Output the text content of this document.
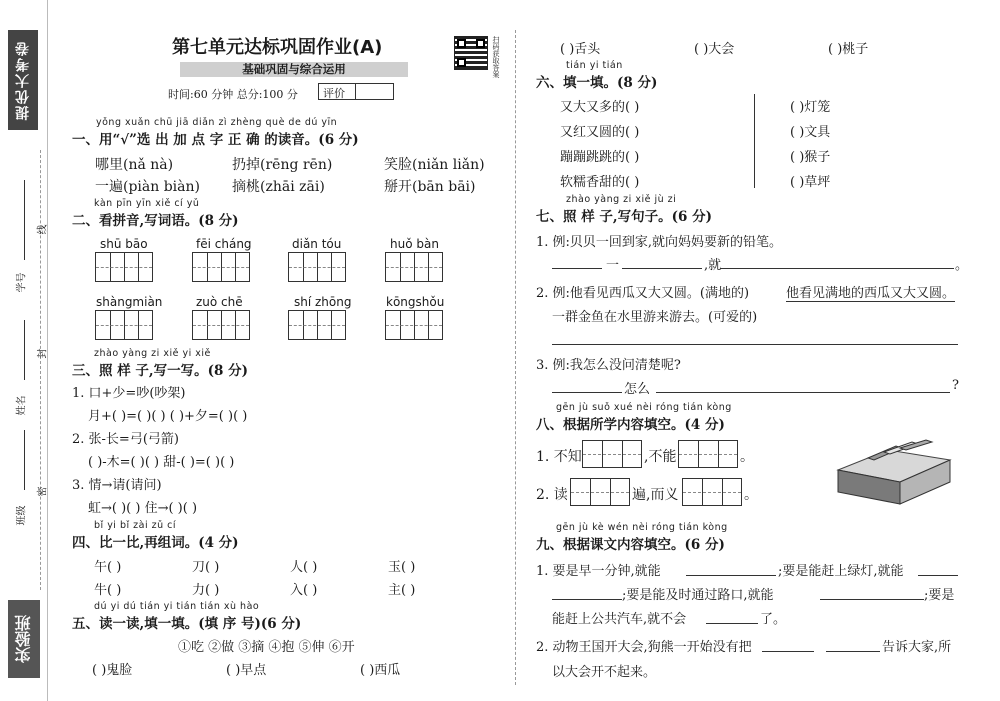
提优大考卷
实验班
线
封
密
学号
姓名
班级
第七单元达标巩固作业(A)
基础巩固与综合运用
时间:60 分钟 总分:100 分 评价
扫码获取答案
yǒng xuǎn chū jiā diǎn zì zhèng què de dú yīn
一、用“√”选 出 加 点 字 正 确 的读音。(6 分)
哪里(nǎ nà)	扔掉(rēng rēn)	笑脸(niǎn liǎn)
一遍(piàn biàn) 摘桃(zhāi zāi)	掰开(bān bāi)
kàn pīn yīn xiě cí yǔ
二、看拼音,写词语。(8 分)
shū bāo	fēi cháng	diǎn tóu	huǒ bàn
shàngmiàn	zuò chē	shí zhōng	kōngshǒu
zhào yàng zi xiě yi xiě
三、照 样 子,写一写。(8 分)
1. 口+少=吵(吵架)
月+( )=( )( ) ( )+夕=( )( )
2. 张-长=弓(弓箭)
( )-木=( )( ) 甜-( )=( )( )
3. 情→请(请问)
虹→( )( ) 住→( )( )
bǐ yi bǐ zài zǔ cí
四、比一比,再组词。(4 分)
午( )	刀( )	人( )	玉( )
牛( )	力( )	入( )	主( )
dú yi dú tián yi tián tián xù hào
五、读一读,填一填。(填 序 号)(6 分)
①吃 ②做 ③摘 ④抱 ⑤伸 ⑥开
( )鬼脸	( )早点	( )西瓜
( )舌头	( )大会	( )桃子
tián yi tián
六、填一填。(8 分)
又大又多的( )
又红又圆的( )
蹦蹦跳跳的( )
软糯香甜的( )
( )灯笼
( )文具
( )猴子
( )草坪
zhào yàng zi xiě jù zi
七、照 样 子,写句子。(6 分)
1. 例:贝贝一回到家,就向妈妈要新的铅笔。
一	,就	。
2. 例:他看见西瓜又大又圆。(满地的)	他看见满地的西瓜又大又圆。
一群金鱼在水里游来游去。(可爱的)
3. 例:我怎么没问清楚呢?
怎么	?
gēn jù suǒ xué nèi róng tián kòng
八、根据所学内容填空。(4 分)
1. 不知	,不能	。
2. 读	遍,而义	。
gēn jù kè wén nèi róng tián kòng
九、根据课文内容填空。(6 分)
1. 要是早一分钟,就能	;要是能赶上绿灯,就能
;要是能及时通过路口,就能	;要是
能赶上公共汽车,就不会	了。
2. 动物王国开大会,狗熊一开始没有把	告诉大家,所
以大会开不起来。
